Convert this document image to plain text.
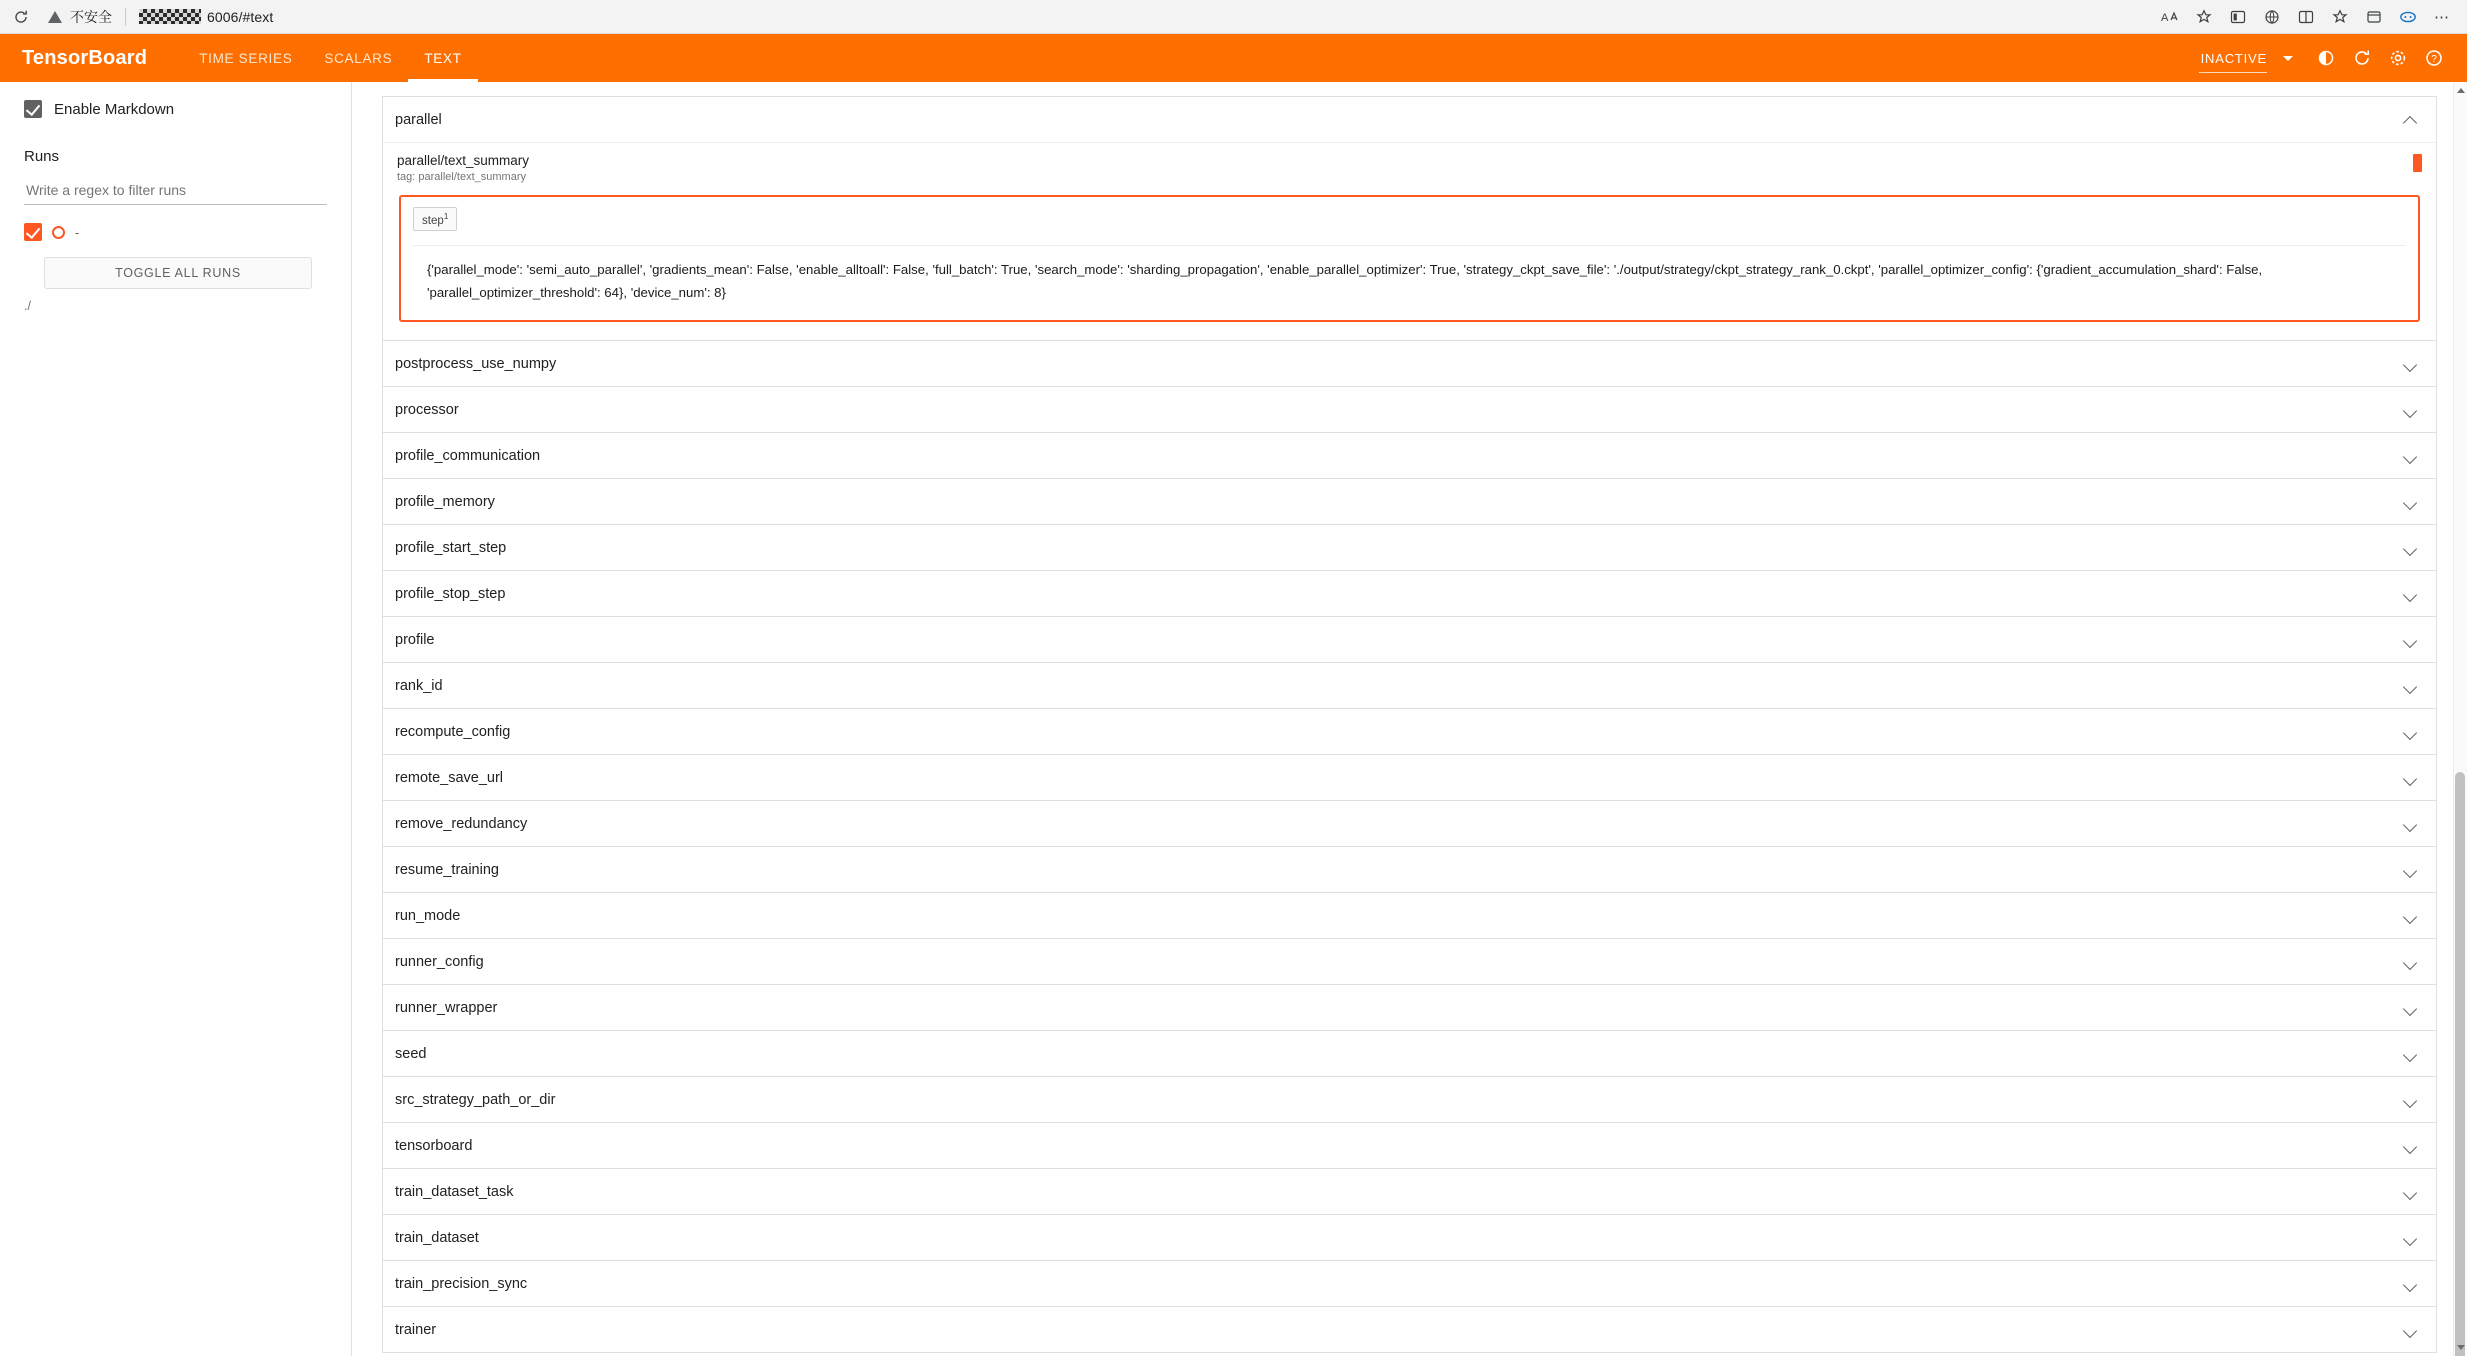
不安全	6006/#text	A	⋯
TensorBoard	TIME SERIES	SCALARS	TEXT	INACTIVE	?
Enable Markdown
Runs
Write a regex to filter runs
-
TOGGLE ALL RUNS
./
parallel
parallel/text_summary
tag: parallel/text_summary
step$^1$
{'parallel_mode': 'semi_auto_parallel', 'gradients_mean': False, 'enable_alltoall': False, 'full_batch': True, 'search_mode': 'sharding_propagation', 'enable_parallel_optimizer': True, 'strategy_ckpt_save_file': './output/strategy/ckpt_strategy_rank_0.ckpt', 'parallel_optimizer_config': {'gradient_accumulation_shard': False, 'parallel_optimizer_threshold': 64}, 'device_num': 8}
postprocess_use_numpy
processor
profile_communication
profile_memory
profile_start_step
profile_stop_step
profile
rank_id
recompute_config
remote_save_url
remove_redundancy
resume_training
run_mode
runner_config
runner_wrapper
seed
src_strategy_path_or_dir
tensorboard
train_dataset_task
train_dataset
train_precision_sync
trainer
